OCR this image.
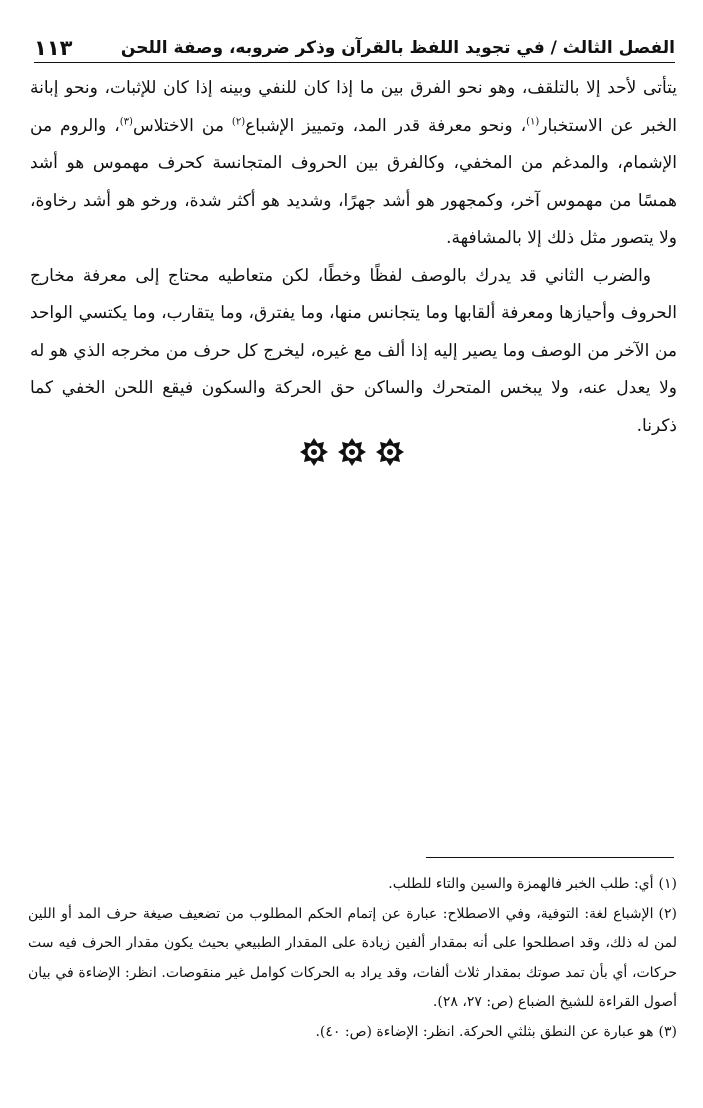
الفصل الثالث / في تجويد اللفظ بالقرآن وذكر ضروبه، وصفة اللحن
١١٣

يتأتى لأحد إلا بالتلقف، وهو نحو الفرق بين ما إذا كان للنفي وبينه إذا كان للإثبات، ونحو إبانة الخبر عن الاستخبار$^{(١)}$، ونحو معرفة قدر المد، وتمييز الإشباع$^{(٢)}$ من الاختلاس$^{(٣)}$، والروم من الإشمام، والمدغم من المخفي، وكالفرق بين الحروف المتجانسة كحرف مهموس هو أشد همسًا من مهموس آخر، وكمجهور هو أشد جهرًا، وشديد هو أكثر شدة، ورخو هو أشد رخاوة، ولا يتصور مثل ذلك إلا بالمشافهة.

والضرب الثاني قد يدرك بالوصف لفظًا وخطًا، لكن متعاطيه محتاج إلى معرفة مخارج الحروف وأحيازها ومعرفة ألقابها وما يتجانس منها، وما يفترق، وما يتقارب، وما يكتسي الواحد من الآخر من الوصف وما يصير إليه إذا ألف مع غيره، ليخرج كل حرف من مخرجه الذي هو له ولا يعدل عنه، ولا يبخس المتحرك والساكن حق الحركة والسكون فيقع اللحن الخفي كما ذكرنا.

(١)أي: طلب الخبر فالهمزة والسين والتاء للطلب.

(٢)الإشباع لغة: التوفية، وفي الاصطلاح: عبارة عن إتمام الحكم المطلوب من تضعيف صيغة حرف المد أو اللين لمن له ذلك، وقد اصطلحوا على أنه بمقدار ألفين زيادة على المقدار الطبيعي بحيث يكون مقدار الحرف فيه ست حركات، أي بأن تمد صوتك بمقدار ثلاث ألفات، وقد يراد به الحركات كوامل غير منقوصات. انظر: الإضاءة في بيان أصول القراءة للشيخ الضباع (ص: ٢٧، ٢٨).

(٣)هو عبارة عن النطق بثلثي الحركة. انظر: الإضاءة (ص: ٤٠).
